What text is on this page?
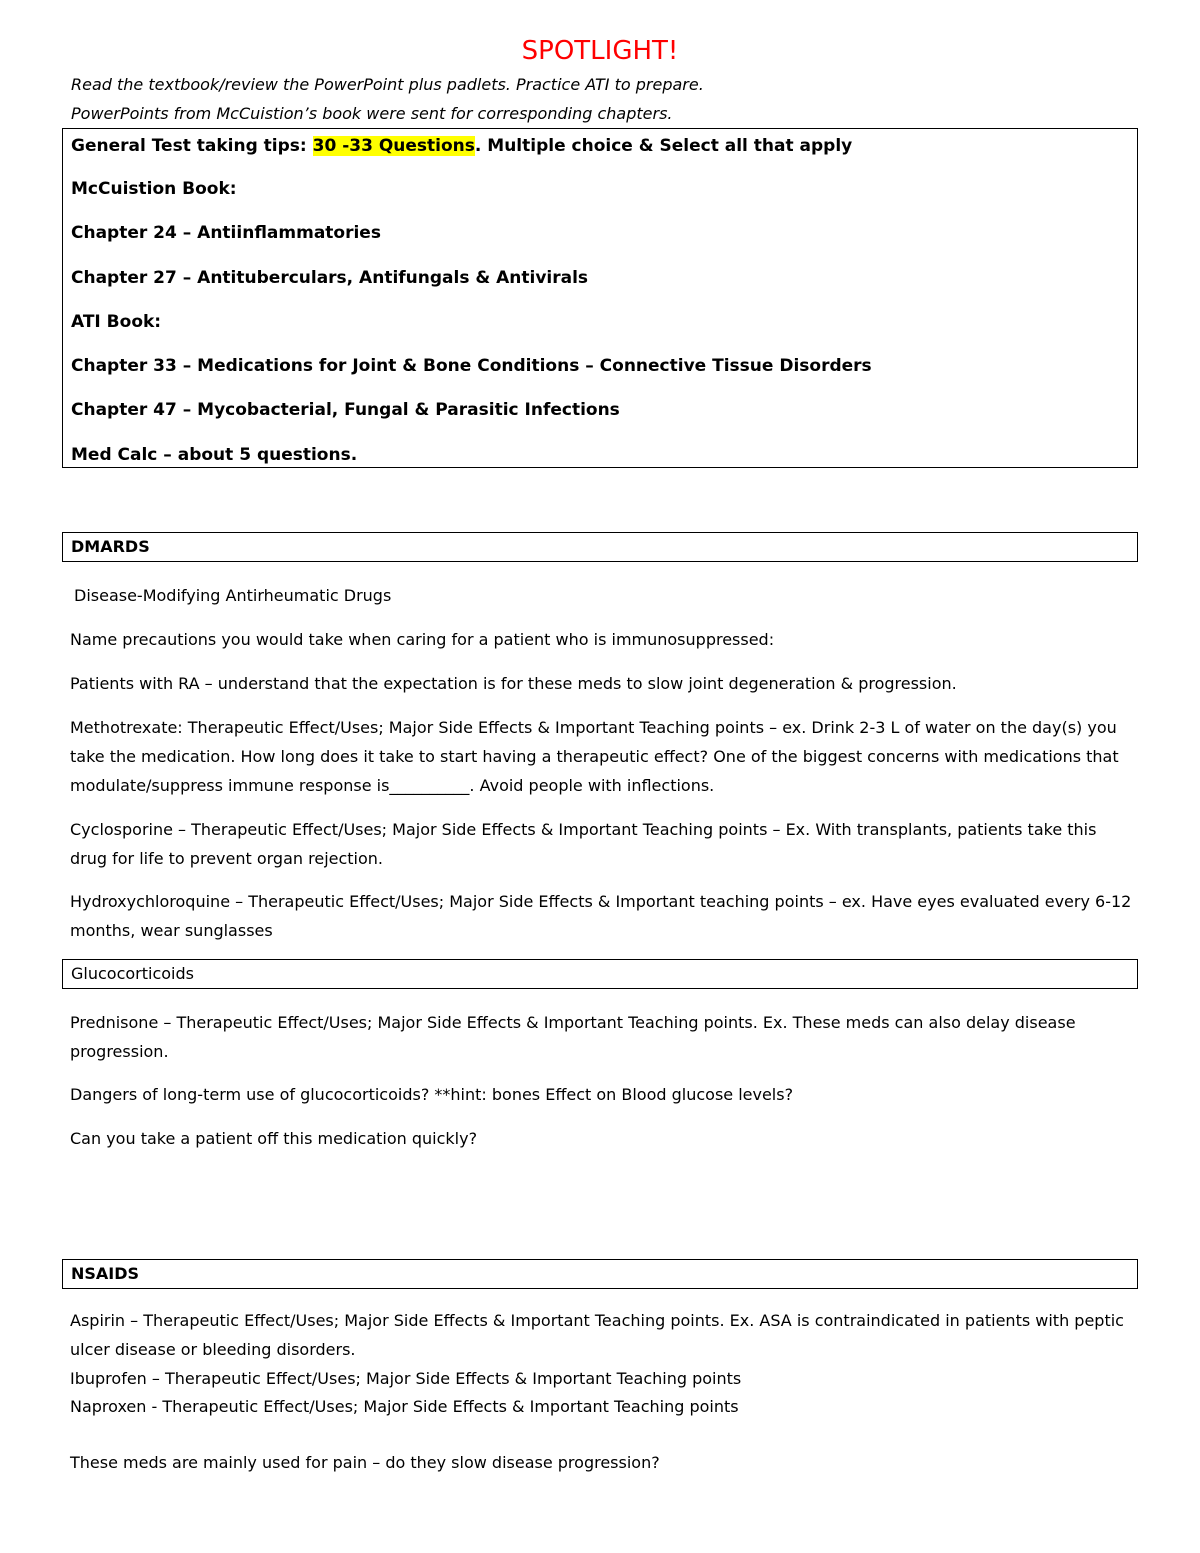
SPOTLIGHT!
Read the textbook/review the PowerPoint plus padlets. Practice ATI to prepare.
PowerPoints from McCuistion’s book were sent for corresponding chapters.
General Test taking tips: 30 -33 Questions. Multiple choice & Select all that apply
McCuistion Book:
Chapter 24 – Antiinflammatories
Chapter 27 – Antituberculars, Antifungals & Antivirals
ATI Book:
Chapter 33 – Medications for Joint & Bone Conditions – Connective Tissue Disorders
Chapter 47 – Mycobacterial, Fungal & Parasitic Infections
Med Calc – about 5 questions.
DMARDS
Disease-Modifying Antirheumatic Drugs
Name precautions you would take when caring for a patient who is immunosuppressed:
Patients with RA – understand that the expectation is for these meds to slow joint degeneration & progression.
Methotrexate: Therapeutic Effect/Uses; Major Side Effects & Important Teaching points – ex. Drink 2-3 L of water on the day(s) you take the medication. How long does it take to start having a therapeutic effect? One of the biggest concerns with medications that modulate/suppress immune response is__________. Avoid people with inflections.
Cyclosporine – Therapeutic Effect/Uses; Major Side Effects & Important Teaching points – Ex. With transplants, patients take this drug for life to prevent organ rejection.
Hydroxychloroquine – Therapeutic Effect/Uses; Major Side Effects & Important teaching points – ex. Have eyes evaluated every 6-12 months, wear sunglasses
Glucocorticoids
Prednisone – Therapeutic Effect/Uses; Major Side Effects & Important Teaching points. Ex. These meds can also delay disease progression.
Dangers of long-term use of glucocorticoids? **hint: bones Effect on Blood glucose levels?
Can you take a patient off this medication quickly?
NSAIDS
Aspirin – Therapeutic Effect/Uses; Major Side Effects & Important Teaching points. Ex. ASA is contraindicated in patients with peptic ulcer disease or bleeding disorders.
Ibuprofen – Therapeutic Effect/Uses; Major Side Effects & Important Teaching points
Naproxen - Therapeutic Effect/Uses; Major Side Effects & Important Teaching points
These meds are mainly used for pain – do they slow disease progression?
